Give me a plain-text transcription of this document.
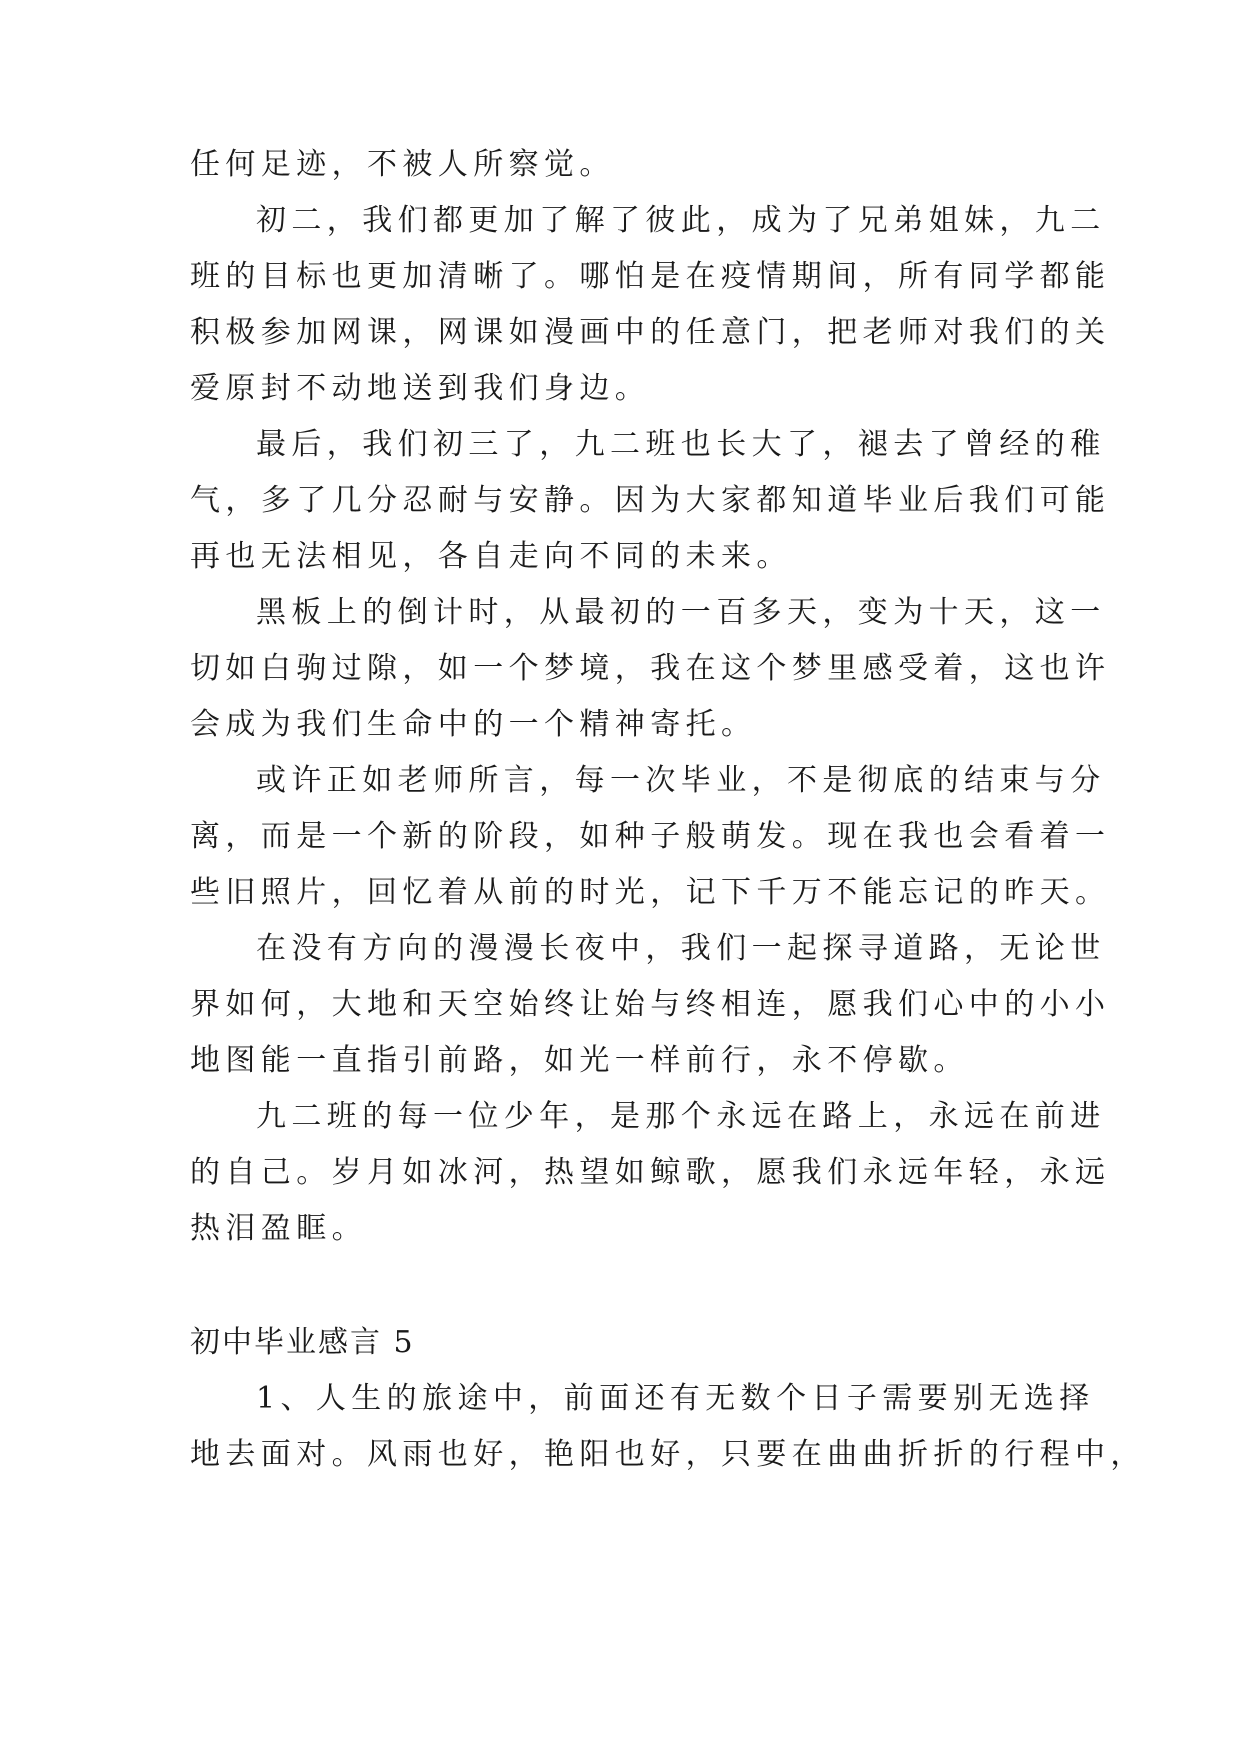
任何足迹，不被人所察觉。
初二，我们都更加了解了彼此，成为了兄弟姐妹，九二
班的目标也更加清晰了。哪怕是在疫情期间，所有同学都能
积极参加网课，网课如漫画中的任意门，把老师对我们的关
爱原封不动地送到我们身边。
最后，我们初三了，九二班也长大了，褪去了曾经的稚
气，多了几分忍耐与安静。因为大家都知道毕业后我们可能
再也无法相见，各自走向不同的未来。
黑板上的倒计时，从最初的一百多天，变为十天，这一
切如白驹过隙，如一个梦境，我在这个梦里感受着，这也许
会成为我们生命中的一个精神寄托。
或许正如老师所言，每一次毕业，不是彻底的结束与分
离，而是一个新的阶段，如种子般萌发。现在我也会看着一
些旧照片，回忆着从前的时光，记下千万不能忘记的昨天。
在没有方向的漫漫长夜中，我们一起探寻道路，无论世
界如何，大地和天空始终让始与终相连，愿我们心中的小小
地图能一直指引前路，如光一样前行，永不停歇。
九二班的每一位少年，是那个永远在路上，永远在前进
的自己。岁月如冰河，热望如鲸歌，愿我们永远年轻，永远
热泪盈眶。
初中毕业感言 5
1、人生的旅途中，前面还有无数个日子需要别无选择
地去面对。风雨也好，艳阳也好，只要在曲曲折折的行程中，
